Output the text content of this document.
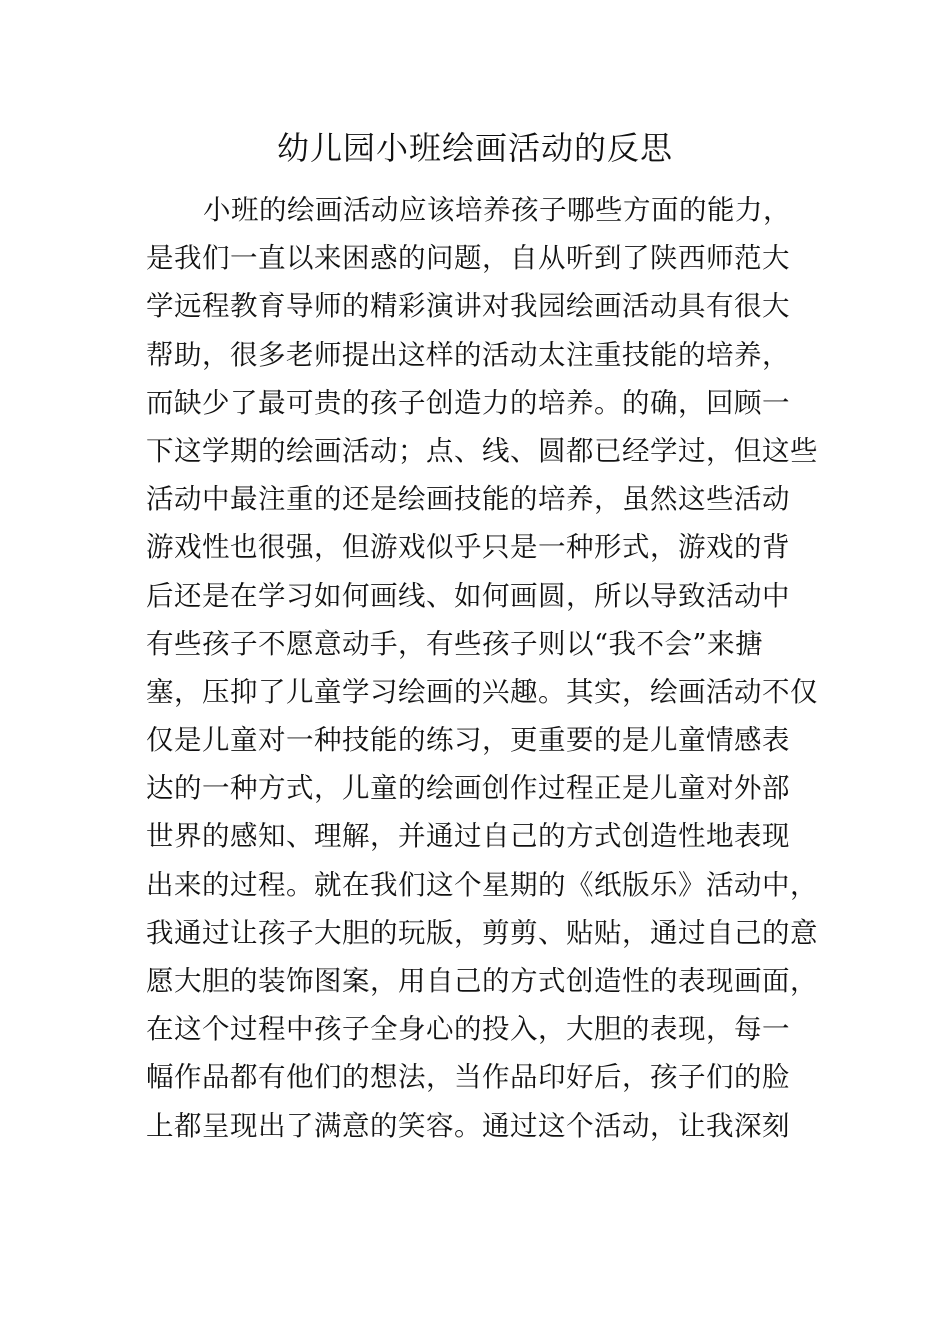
幼儿园小班绘画活动的反思
小班的绘画活动应该培养孩子哪些方面的能力，
是我们一直以来困惑的问题，自从听到了陕西师范大
学远程教育导师的精彩演讲对我园绘画活动具有很大
帮助，很多老师提出这样的活动太注重技能的培养，
而缺少了最可贵的孩子创造力的培养。的确，回顾一
下这学期的绘画活动；点、线、圆都已经学过，但这些
活动中最注重的还是绘画技能的培养，虽然这些活动
游戏性也很强，但游戏似乎只是一种形式，游戏的背
后还是在学习如何画线、如何画圆，所以导致活动中
有些孩子不愿意动手，有些孩子则以“我不会”来搪
塞，压抑了儿童学习绘画的兴趣。其实，绘画活动不仅
仅是儿童对一种技能的练习，更重要的是儿童情感表
达的一种方式，儿童的绘画创作过程正是儿童对外部
世界的感知、理解，并通过自己的方式创造性地表现
出来的过程。就在我们这个星期的《纸版乐》活动中，
我通过让孩子大胆的玩版，剪剪、贴贴，通过自己的意
愿大胆的装饰图案，用自己的方式创造性的表现画面，
在这个过程中孩子全身心的投入，大胆的表现，每一
幅作品都有他们的想法，当作品印好后，孩子们的脸
上都呈现出了满意的笑容。通过这个活动，让我深刻
